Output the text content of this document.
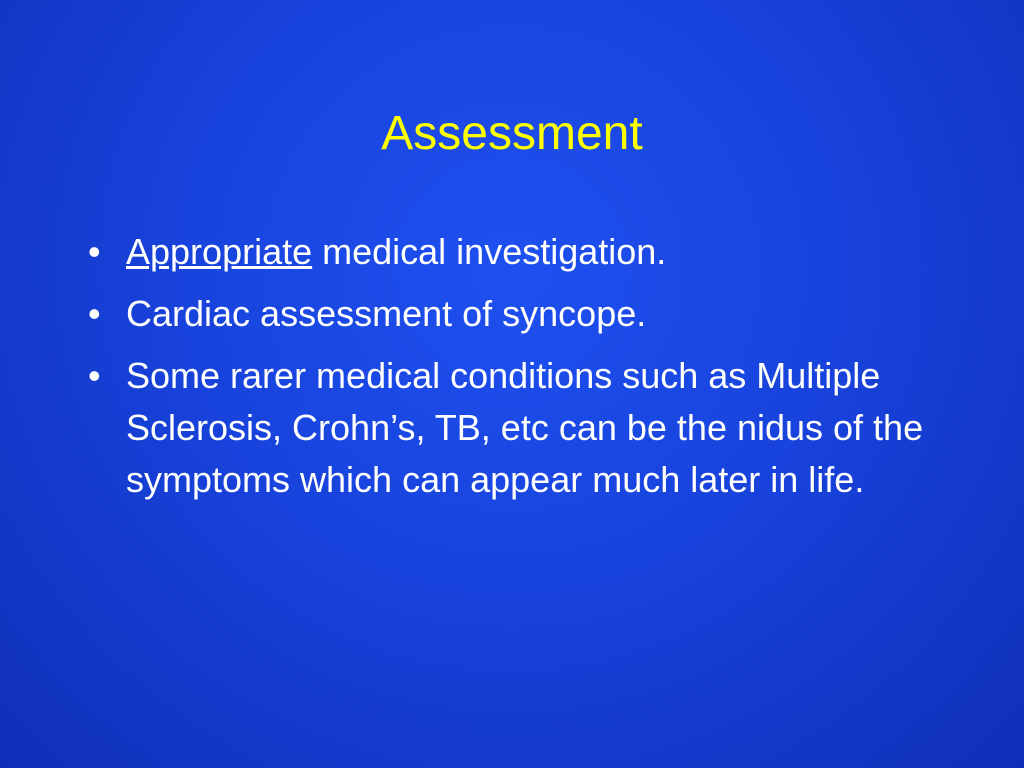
Assessment
• Appropriate medical investigation.
• Cardiac assessment of syncope.
• Some rarer medical conditions such as Multiple Sclerosis, Crohn’s, TB, etc can be the nidus of the symptoms which can appear much later in life.
